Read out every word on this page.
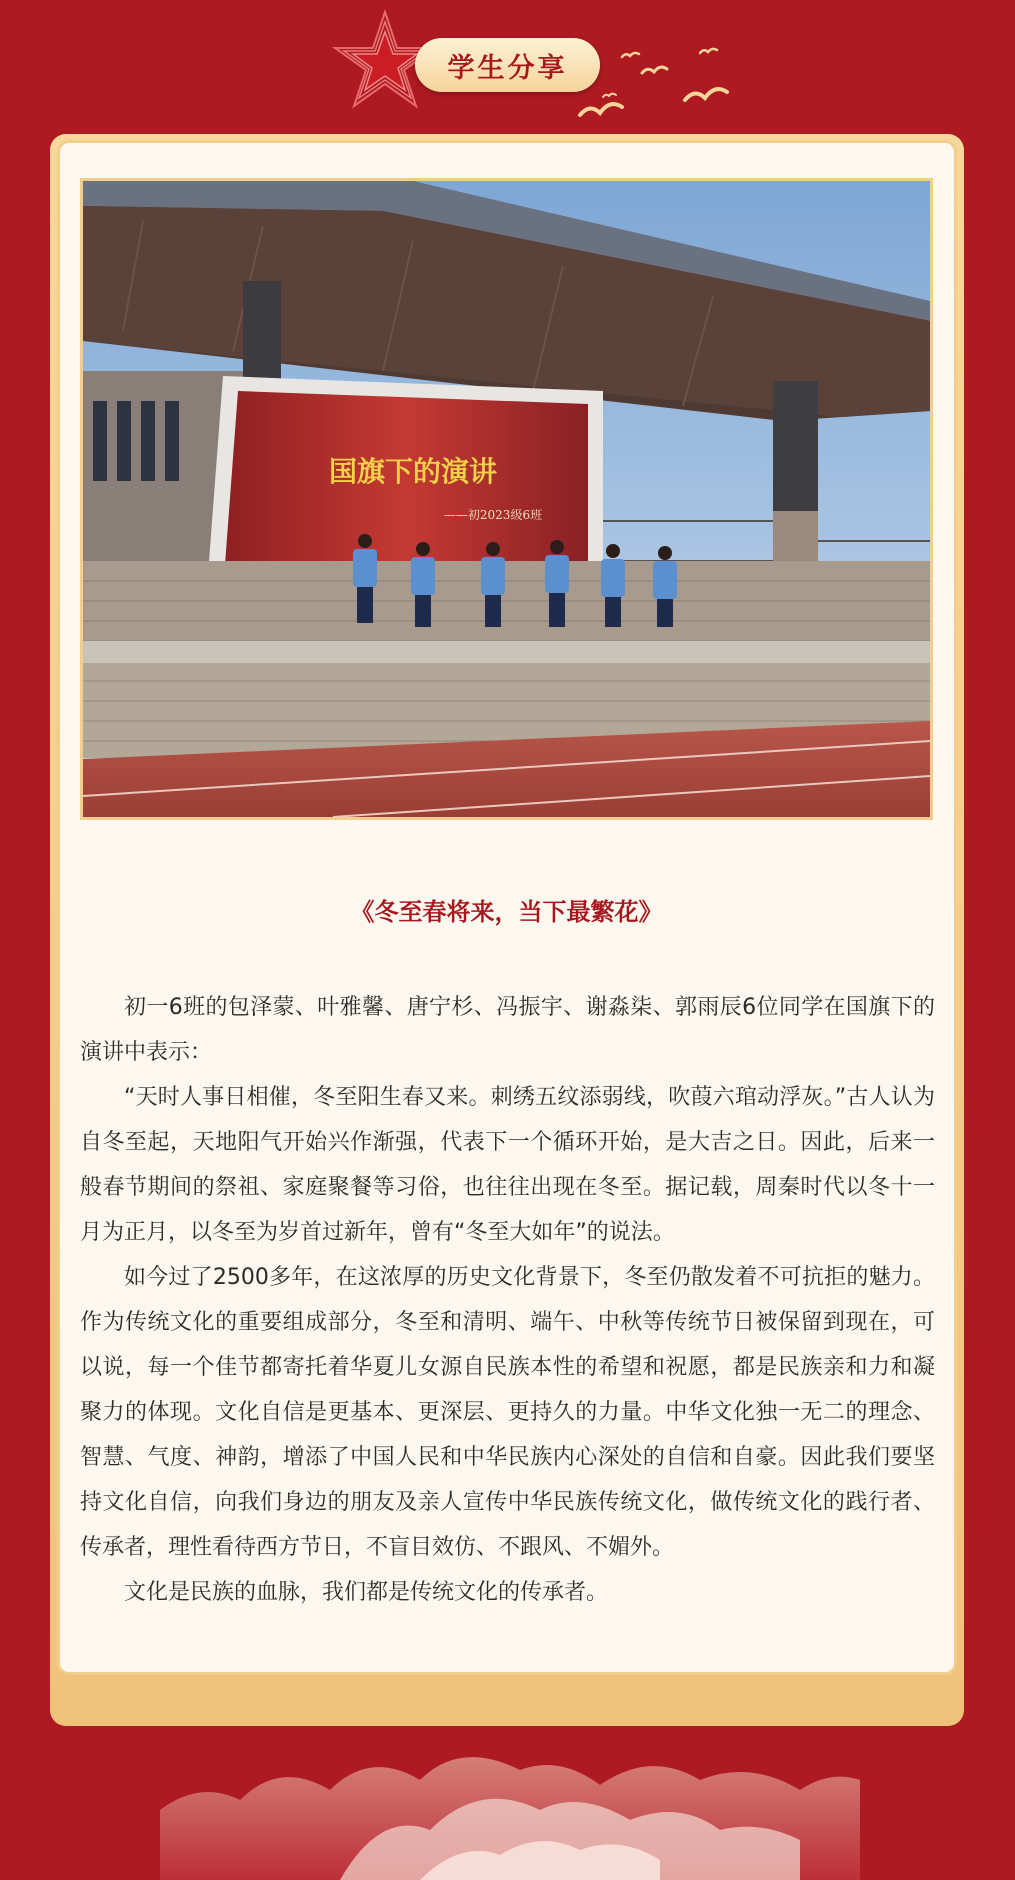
学生分享
国旗下的演讲
——初2023级6班
《冬至春将来，当下最繁花》

初一6班的包泽蒙、叶雅馨、唐宁杉、冯振宇、谢淼柒、郭雨辰6位同学在国旗下的演讲中表示：

“天时人事日相催，冬至阳生春又来。刺绣五纹添弱线，吹葭六琯动浮灰。”古人认为自冬至起，天地阳气开始兴作渐强，代表下一个循环开始，是大吉之日。因此，后来一般春节期间的祭祖、家庭聚餐等习俗，也往往出现在冬至。据记载，周秦时代以冬十一月为正月，以冬至为岁首过新年，曾有“冬至大如年”的说法。

如今过了2500多年，在这浓厚的历史文化背景下，冬至仍散发着不可抗拒的魅力。作为传统文化的重要组成部分，冬至和清明、端午、中秋等传统节日被保留到现在，可以说，每一个佳节都寄托着华夏儿女源自民族本性的希望和祝愿，都是民族亲和力和凝聚力的体现。文化自信是更基本、更深层、更持久的力量。中华文化独一无二的理念、智慧、气度、神韵，增添了中国人民和中华民族内心深处的自信和自豪。因此我们要坚持文化自信，向我们身边的朋友及亲人宣传中华民族传统文化，做传统文化的践行者、传承者，理性看待西方节日，不盲目效仿、不跟风、不媚外。

文化是民族的血脉，我们都是传统文化的传承者。
